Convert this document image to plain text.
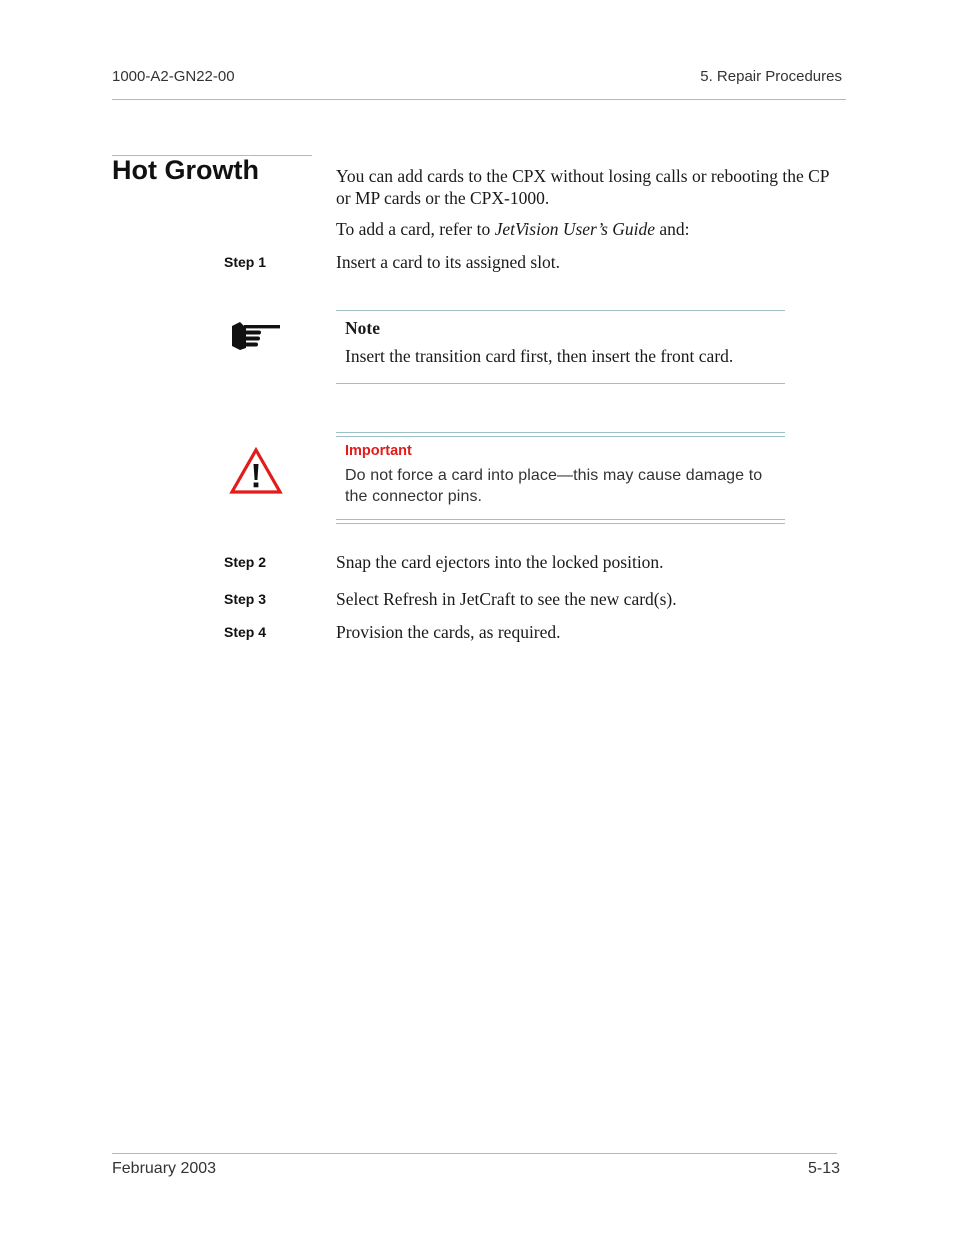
1000-A2-GN22-00	5. Repair Procedures
Hot Growth	You can add cards to the CPX without losing calls or rebooting the CP or MP cards or the CPX-1000.
To add a card, refer to JetVision User’s Guide and:
Step 1	Insert a card to its assigned slot.
Note
Insert the transition card first, then insert the front card.
Important
Do not force a card into place—this may cause damage to
the connector pins.
Step 2	Snap the card ejectors into the locked position.
Step 3	Select Refresh in JetCraft to see the new card(s).
Step 4	Provision the cards, as required.
February 2003	5-13
